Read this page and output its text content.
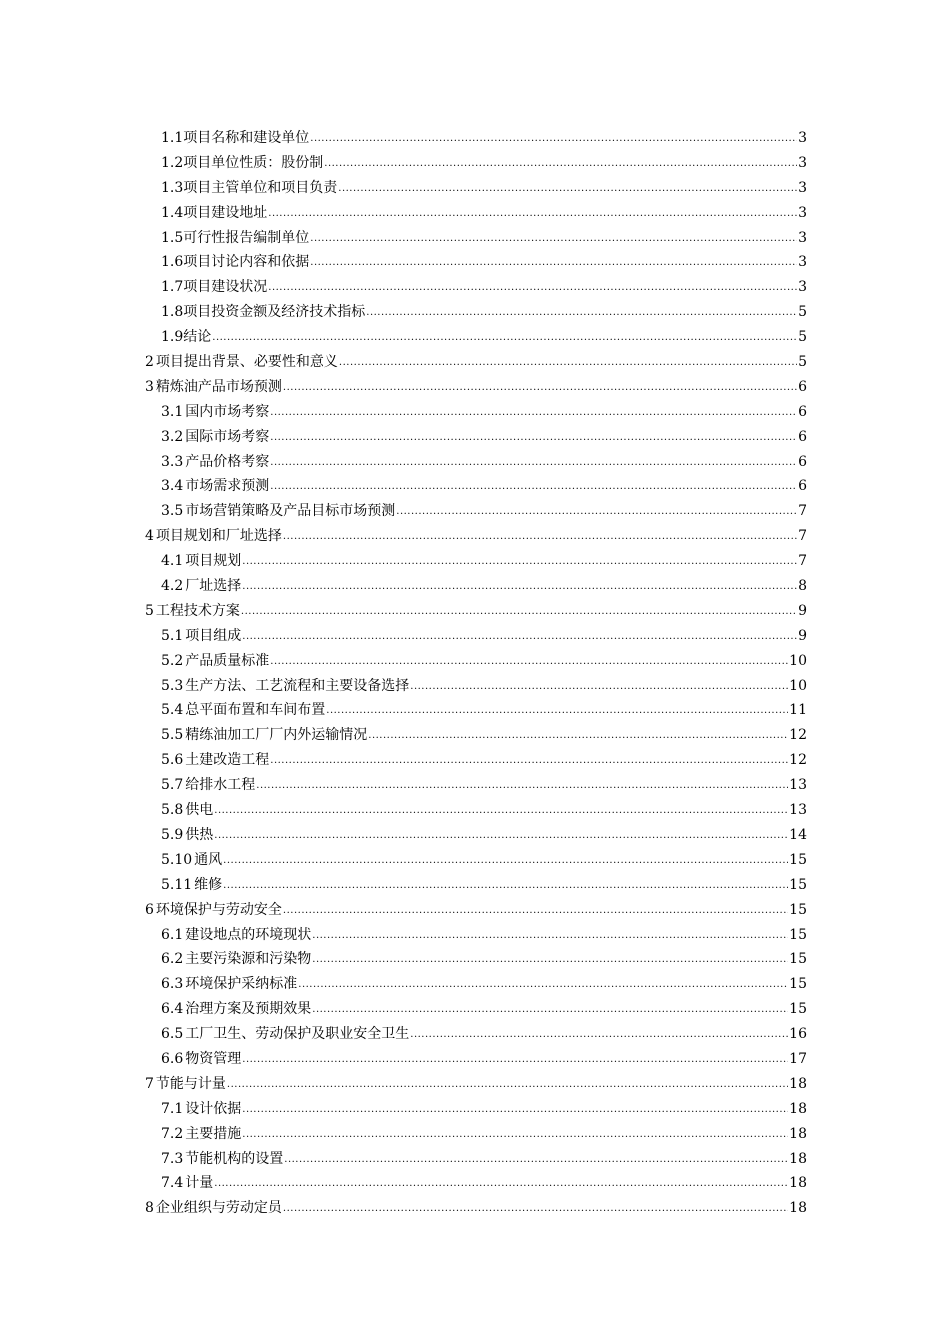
1.1 项目名称和建设单位 .....	3
1.2 项目单位性质：股份制 .....	3
1.3 项目主管单位和项目负责 .....	3
1.4 项目建设地址 .....	3
1.5 可行性报告编制单位 .....	3
1.6 项目讨论内容和依据 .....	3
1.7 项目建设状况 .....	3
1.8 项目投资金额及经济技术指标 .....	5
1.9 结论 .....	5
2 项目提出背景、必要性和意义 .....	5
3 精炼油产品市场预测 .....	6
3.1 国内市场考察 .....	6
3.2 国际市场考察 .....	6
3.3 产品价格考察 .....	6
3.4 市场需求预测 .....	6
3.5 市场营销策略及产品目标市场预测 .....	7
4 项目规划和厂址选择 .....	7
4.1 项目规划 .....	7
4.2 厂址选择 .....	8
5 工程技术方案 .....	9
5.1 项目组成 .....	9
5.2 产品质量标准 .....	10
5.3 生产方法、工艺流程和主要设备选择 .....	10
5.4 总平面布置和车间布置 .....	11
5.5 精练油加工厂厂内外运输情况 .....	12
5.6 土建改造工程 .....	12
5.7 给排水工程 .....	13
5.8 供电 .....	13
5.9 供热 .....	14
5.10 通风 .....	15
5.11 维修 .....	15
6 环境保护与劳动安全 .....	15
6.1 建设地点的环境现状 .....	15
6.2 主要污染源和污染物 .....	15
6.3 环境保护采纳标准 .....	15
6.4 治理方案及预期效果 .....	15
6.5 工厂卫生、劳动保护及职业安全卫生 .....	16
6.6 物资管理 .....	17
7 节能与计量 .....	18
7.1 设计依据 .....	18
7.2 主要措施 .....	18
7.3 节能机构的设置 .....	18
7.4 计量 .....	18
8 企业组织与劳动定员 .....	18
